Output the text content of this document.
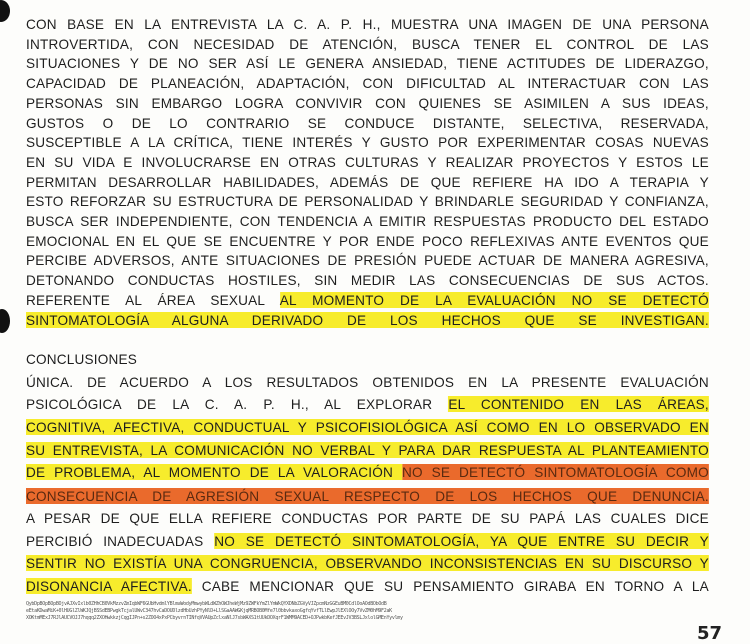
CON BASE EN LA ENTREVISTA LA C. A. P. H., MUESTRA UNA IMAGEN DE UNA PERSONA
INTROVERTIDA, CON NECESIDAD DE ATENCIÓN, BUSCA TENER EL CONTROL DE LAS
SITUACIONES Y DE NO SER ASÍ LE GENERA ANSIEDAD, TIENE ACTITUDES DE LIDERAZGO,
CAPACIDAD DE PLANEACIÓN, ADAPTACIÓN, CON DIFICULTAD AL INTERACTUAR CON LAS
PERSONAS SIN EMBARGO LOGRA CONVIVIR CON QUIENES SE ASIMILEN A SUS IDEAS,
GUSTOS O DE LO CONTRARIO SE CONDUCE DISTANTE, SELECTIVA, RESERVADA,
SUSCEPTIBLE A LA CRÍTICA, TIENE INTERÉS Y GUSTO POR EXPERIMENTAR COSAS NUEVAS
EN SU VIDA E INVOLUCRARSE EN OTRAS CULTURAS Y REALIZAR PROYECTOS Y ESTOS LE
PERMITAN DESARROLLAR HABILIDADES, ADEMÁS DE QUE REFIERE HA IDO A TERAPIA Y
ESTO REFORZAR SU ESTRUCTURA DE PERSONALIDAD Y BRINDARLE SEGURIDAD Y CONFIANZA,
BUSCA SER INDEPENDIENTE, CON TENDENCIA A EMITIR RESPUESTAS PRODUCTO DEL ESTADO
EMOCIONAL EN EL QUE SE ENCUENTRE Y POR ENDE POCO REFLEXIVAS ANTE EVENTOS QUE
PERCIBE ADVERSOS, ANTE SITUACIONES DE PRESIÓN PUEDE ACTUAR DE MANERA AGRESIVA,
DETONANDO CONDUCTAS HOSTILES, SIN MEDIR LAS CONSECUENCIAS DE SUS ACTOS.
REFERENTE AL ÁREA SEXUAL AL MOMENTO DE LA EVALUACIÓN NO SE DETECTÓ
SINTOMATOLOGÍA ALGUNA DERIVADO DE LOS HECHOS QUE SE INVESTIGAN.
CONCLUSIONES
ÚNICA. DE ACUERDO A LOS RESULTADOS OBTENIDOS EN LA PRESENTE EVALUACIÓN
PSICOLÓGICA DE LA C. A. P. H., AL EXPLORAR EL CONTENIDO EN LAS ÁREAS,
COGNITIVA, AFECTIVA, CONDUCTUAL Y PSICOFISIOLÓGICA ASÍ COMO EN LO OBSERVADO EN
SU ENTREVISTA, LA COMUNICACIÓN NO VERBAL Y PARA DAR RESPUESTA AL PLANTEAMIENTO
DE PROBLEMA, AL MOMENTO DE LA VALORACIÓN NO SE DETECTÓ SINTOMATOLOGÍA COMO
CONSECUENCIA DE AGRESIÓN SEXUAL RESPECTO DE LOS HECHOS QUE DENUNCIA.
A PESAR DE QUE ELLA REFIERE CONDUCTAS POR PARTE DE SU PAPÁ LAS CUALES DICE
PERCIBIÓ INADECUADAS NO SE DETECTÓ SINTOMATOLOGÍA, YA QUE ENTRE SU DECIR Y
SENTIR NO EXISTÍA UNA CONGRUENCIA, OBSERVANDO INCONSISTENCIAS EN SU DISCURSO Y
DISONANCIA AFECTIVA. CABE MENCIONAR QUE SU PENSAMIENTO GIRABA EN TORNO A LA
QybDpBOpBOpBOjvAJXvIxlb0ZHhCB0VkMzzvZmIqbWF6GUbHvdmlYBlmaWodyMmwybWLdWZhOWJheWjMz9ZWFkYmZlYmWkQYXDNbZGVyVJZpcmNzGGEuBM0CdlOoAOdBObOdB
eEtaKDwaMiK+0lHUGlZlWKJQjBSSdEBPwgkTcjalUWvC347hvCaDOUDlzdHbUzhPYyNlD+LlSGaAAWGKjqMRBOB0Mfe7l0bbvkaxoGgfqYvfTLlEwpJlEXlOOy7VvZM0hM9F2aK
XOKtmMExJ7RJlAUCVOJJ7hqqq2ZXOHwkkzjCqgIJPn+s2ZOO4xPxPCbyvrnTINfqVVAUpZclxaNlJ7sbWAXS1tUUkDOXqrF1WMM9ACED+OJPwkbKefJEEvJV3BSLJxlolGMEnYyvlmy
57
